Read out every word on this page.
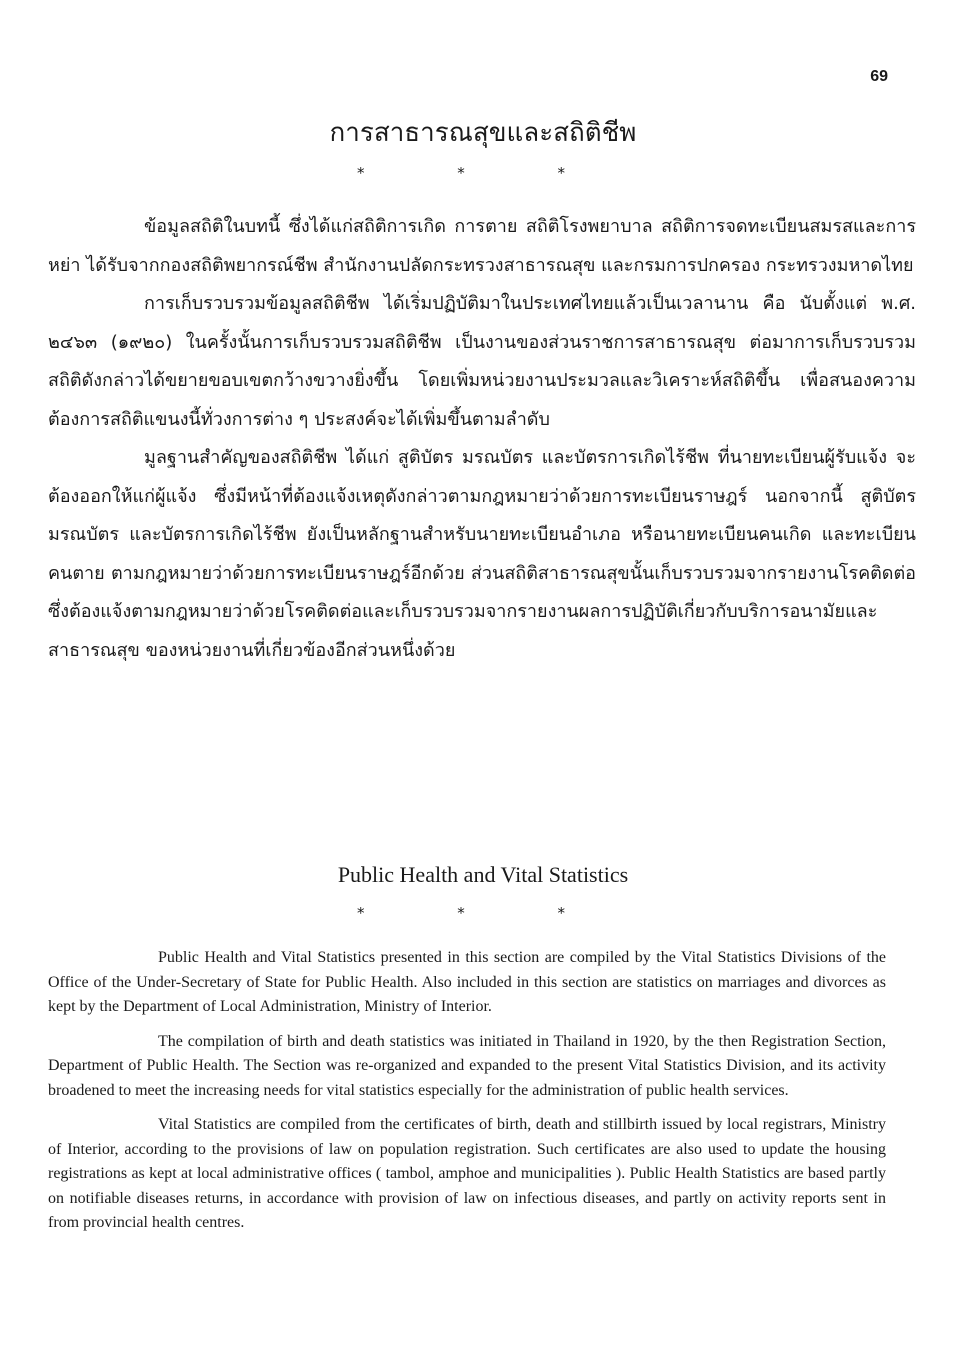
69
การสาธารณสุขและสถิติชีพ
* * *

ข้อมูลสถิติในบทนี้ ซึ่งได้แก่สถิติการเกิด การตาย สถิติโรงพยาบาล สถิติการจดทะเบียนสมรสและการหย่า ได้รับจากกองสถิติพยากรณ์ชีพ สำนักงานปลัดกระทรวงสาธารณสุข และกรมการปกครอง กระทรวงมหาดไทย

การเก็บรวบรวมข้อมูลสถิติชีพ ได้เริ่มปฏิบัติมาในประเทศไทยแล้วเป็นเวลานาน คือ นับตั้งแต่ พ.ศ. ๒๔๖๓ (๑๙๒๐) ในครั้งนั้นการเก็บรวบรวมสถิติชีพ เป็นงานของส่วนราชการสาธารณสุข ต่อมาการเก็บรวบรวมสถิติดังกล่าวได้ขยายขอบเขตกว้างขวางยิ่งขึ้น โดยเพิ่มหน่วยงานประมวลและวิเคราะห์สถิติขึ้น เพื่อสนองความต้องการสถิติแขนงนี้ทั่วงการต่าง ๆ ประสงค์จะได้เพิ่มขึ้นตามลำดับ

มูลฐานสำคัญของสถิติชีพ ได้แก่ สูติบัตร มรณบัตร และบัตรการเกิดไร้ชีพ ที่นายทะเบียนผู้รับแจ้ง จะต้องออกให้แก่ผู้แจ้ง ซึ่งมีหน้าที่ต้องแจ้งเหตุดังกล่าวตามกฎหมายว่าด้วยการทะเบียนราษฎร์ นอกจากนี้ สูติบัตร มรณบัตร และบัตรการเกิดไร้ชีพ ยังเป็นหลักฐานสำหรับนายทะเบียนอำเภอ หรือนายทะเบียนคนเกิด และทะเบียนคนตาย ตามกฎหมายว่าด้วยการทะเบียนราษฎร์อีกด้วย ส่วนสถิติสาธารณสุขนั้นเก็บรวบรวมจากรายงานโรคติดต่อ ซึ่งต้องแจ้งตามกฎหมายว่าด้วยโรคติดต่อและเก็บรวบรวมจากรายงานผลการปฏิบัติเกี่ยวกับบริการอนามัยและสาธารณสุข ของหน่วยงานที่เกี่ยวข้องอีกส่วนหนึ่งด้วย

Public Health and Vital Statistics
* * *

Public Health and Vital Statistics presented in this section are compiled by the Vital Statistics Divisions of the Office of the Under-Secretary of State for Public Health. Also included in this section are statistics on marriages and divorces as kept by the Department of Local Administration, Ministry of Interior.

The compilation of birth and death statistics was initiated in Thailand in 1920, by the then Registration Section, Department of Public Health. The Section was re-organized and expanded to the present Vital Statistics Division, and its activity broadened to meet the increasing needs for vital statistics especially for the administration of public health services.

Vital Statistics are compiled from the certificates of birth, death and stillbirth issued by local registrars, Ministry of Interior, according to the provisions of law on population registration. Such certificates are also used to update the housing registrations as kept at local administrative offices ( tambol, amphoe and municipalities ). Public Health Statistics are based partly on notifiable diseases returns, in accordance with provision of law on infectious diseases, and partly on activity reports sent in from provincial health centres.
